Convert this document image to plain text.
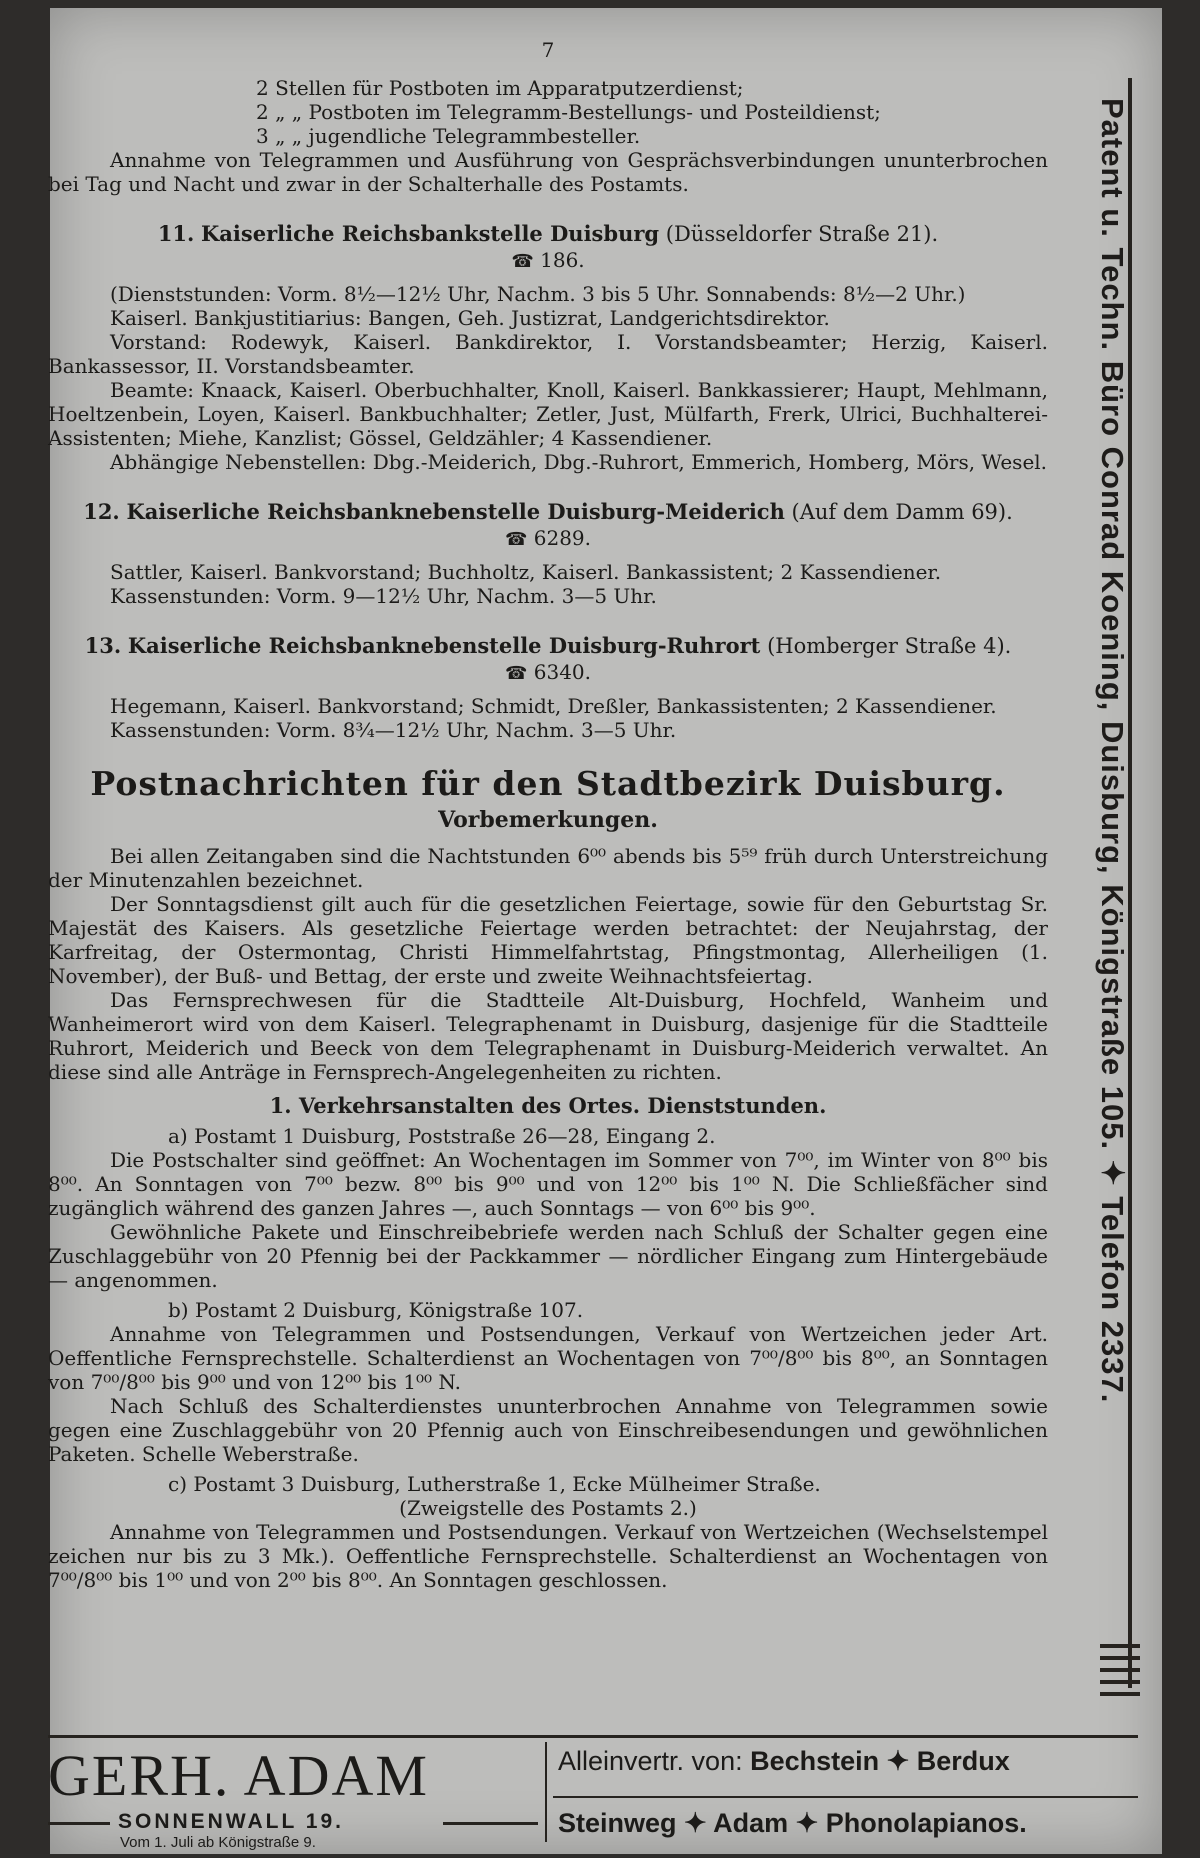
Patent u. Techn. Büro Conrad Koening, Duisburg, Königstraße 105. ✦ Telefon 2337.
7

2 Stellen für Postboten im Apparatputzerdienst;

2 „ „ Postboten im Telegramm-Bestellungs- und Posteildienst;

3 „ „ jugendliche Telegrammbesteller.

Annahme von Telegrammen und Ausführung von Gesprächsverbindungen ununterbrochen bei Tag und Nacht und zwar in der Schalterhalle des Postamts.

11. Kaiserliche Reichsbankstelle Duisburg (Düsseldorfer Straße 21).
☎ 186.

(Dienststunden: Vorm. 8½—12½ Uhr, Nachm. 3 bis 5 Uhr. Sonnabends: 8½—2 Uhr.)

Kaiserl. Bankjustitiarius: Bangen, Geh. Justizrat, Landgerichtsdirektor.

Vorstand: Rodewyk, Kaiserl. Bankdirektor, I. Vorstandsbeamter; Herzig, Kaiserl. Bankassessor, II. Vorstandsbeamter.

Beamte: Knaack, Kaiserl. Oberbuchhalter, Knoll, Kaiserl. Bankkassierer; Haupt, Mehlmann, Hoeltzenbein, Loyen, Kaiserl. Bankbuchhalter; Zetler, Just, Mülfarth, Frerk, Ulrici, Buchhalterei-Assistenten; Miehe, Kanzlist; Gössel, Geldzähler; 4 Kassendiener.

Abhängige Nebenstellen: Dbg.-Meiderich, Dbg.-Ruhrort, Emmerich, Homberg, Mörs, Wesel.

12. Kaiserliche Reichsbanknebenstelle Duisburg-Meiderich (Auf dem Damm 69).
☎ 6289.

Sattler, Kaiserl. Bankvorstand; Buchholtz, Kaiserl. Bankassistent; 2 Kassendiener.

Kassenstunden: Vorm. 9—12½ Uhr, Nachm. 3—5 Uhr.

13. Kaiserliche Reichsbanknebenstelle Duisburg-Ruhrort (Homberger Straße 4).
☎ 6340.

Hegemann, Kaiserl. Bankvorstand; Schmidt, Dreßler, Bankassistenten; 2 Kassendiener.

Kassenstunden: Vorm. 8¾—12½ Uhr, Nachm. 3—5 Uhr.

Postnachrichten für den Stadtbezirk Duisburg.
Vorbemerkungen.

Bei allen Zeitangaben sind die Nachtstunden 6⁰⁰ abends bis 5⁵⁹ früh durch Unterstreichung der Minutenzahlen bezeichnet.

Der Sonntagsdienst gilt auch für die gesetzlichen Feiertage, sowie für den Geburtstag Sr. Majestät des Kaisers. Als gesetzliche Feiertage werden betrachtet: der Neujahrstag, der Karfreitag, der Ostermontag, Christi Himmelfahrtstag, Pfingstmontag, Allerheiligen (1. November), der Buß- und Bettag, der erste und zweite Weihnachtsfeiertag.

Das Fernsprechwesen für die Stadtteile Alt-Duisburg, Hochfeld, Wanheim und Wanheimerort wird von dem Kaiserl. Telegraphenamt in Duisburg, dasjenige für die Stadtteile Ruhrort, Meiderich und Beeck von dem Telegraphenamt in Duisburg-Meiderich verwaltet. An diese sind alle Anträge in Fernsprech-Angelegenheiten zu richten.

1. Verkehrsanstalten des Ortes. Dienststunden.

a) Postamt 1 Duisburg, Poststraße 26—28, Eingang 2.

Die Postschalter sind geöffnet: An Wochentagen im Sommer von 7⁰⁰, im Winter von 8⁰⁰ bis 8⁰⁰. An Sonntagen von 7⁰⁰ bezw. 8⁰⁰ bis 9⁰⁰ und von 12⁰⁰ bis 1⁰⁰ N. Die Schließfächer sind zugänglich während des ganzen Jahres —, auch Sonntags — von 6⁰⁰ bis 9⁰⁰.

Gewöhnliche Pakete und Einschreibebriefe werden nach Schluß der Schalter gegen eine Zuschlaggebühr von 20 Pfennig bei der Packkammer — nördlicher Eingang zum Hintergebäude — angenommen.

b) Postamt 2 Duisburg, Königstraße 107.

Annahme von Telegrammen und Postsendungen, Verkauf von Wertzeichen jeder Art. Oeffentliche Fernsprechstelle. Schalterdienst an Wochentagen von 7⁰⁰/8⁰⁰ bis 8⁰⁰, an Sonntagen von 7⁰⁰/8⁰⁰ bis 9⁰⁰ und von 12⁰⁰ bis 1⁰⁰ N.

Nach Schluß des Schalterdienstes ununterbrochen Annahme von Telegrammen sowie gegen eine Zuschlaggebühr von 20 Pfennig auch von Einschreibesendungen und gewöhnlichen Paketen. Schelle Weberstraße.

c) Postamt 3 Duisburg, Lutherstraße 1, Ecke Mülheimer Straße.

(Zweigstelle des Postamts 2.)

Annahme von Telegrammen und Postsendungen. Verkauf von Wertzeichen (Wechselstempel zeichen nur bis zu 3 Mk.). Oeffentliche Fernsprechstelle. Schalterdienst an Wochentagen von 7⁰⁰/8⁰⁰ bis 1⁰⁰ und von 2⁰⁰ bis 8⁰⁰. An Sonntagen geschlossen.

GERH. ADAM
SONNENWALL 19.
Vom 1. Juli ab Königstraße 9.
Alleinvertr. von: Bechstein ✦ Berdux
Steinweg ✦ Adam ✦ Phonolapianos.
